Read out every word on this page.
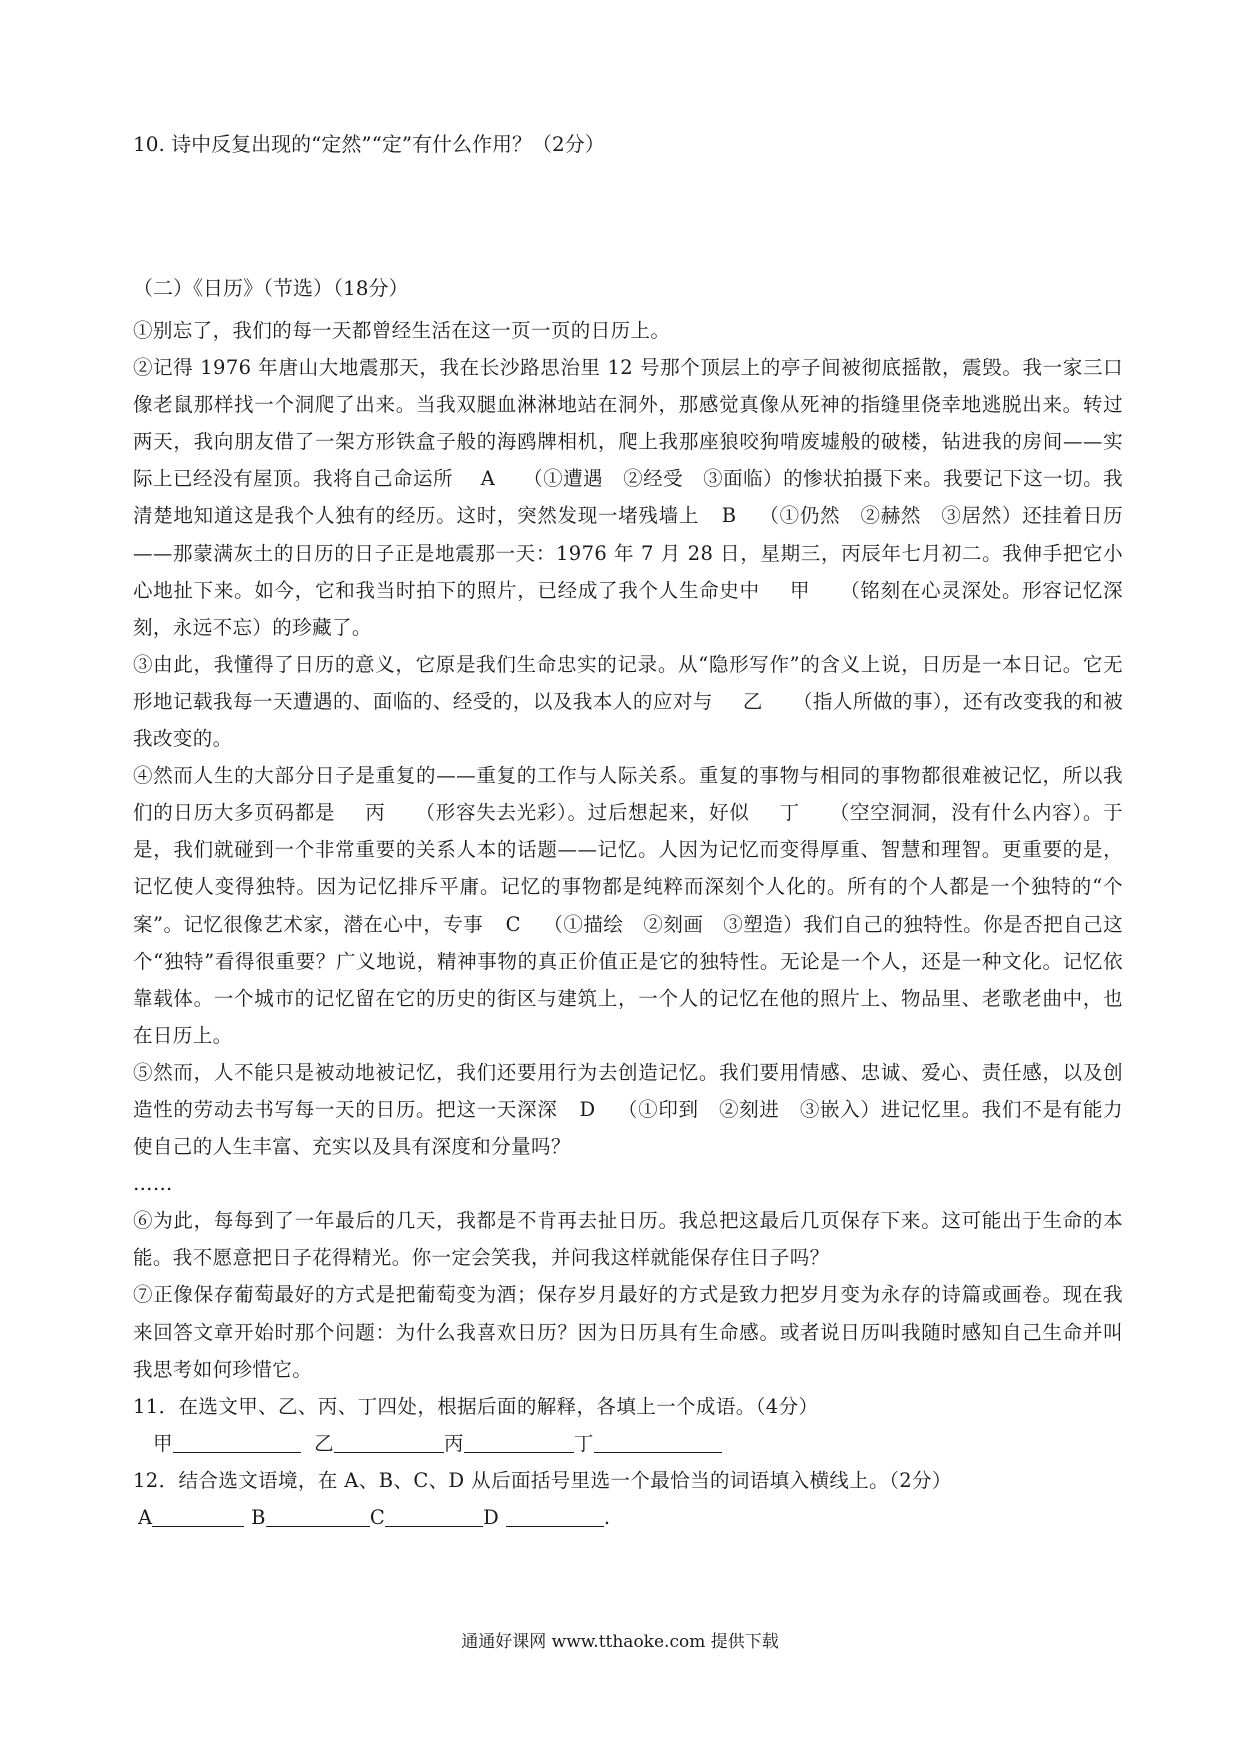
10. 诗中反复出现的“定然”“定”有什么作用？（2分）
（二）《日历》（节选）（18分）

①别忘了，我们的每一天都曾经生活在这一页一页的日历上。

②记得 1976 年唐山大地震那天，我在长沙路思治里 12 号那个顶层上的亭子间被彻底摇散，震毁。我一家三口像老鼠那样找一个洞爬了出来。当我双腿血淋淋地站在洞外，那感觉真像从死神的指缝里侥幸地逃脱出来。转过两天，我向朋友借了一架方形铁盒子般的海鸥牌相机，爬上我那座狼咬狗啃废墟般的破楼，钻进我的房间——实际上已经没有屋顶。我将自己命运所 A （①遭遇　②经受　③面临）的惨状拍摄下来。我要记下这一切。我清楚地知道这是我个人独有的经历。这时，突然发现一堵残墙上 B （①仍然　②赫然　③居然）还挂着日历——那蒙满灰土的日历的日子正是地震那一天：1976 年 7 月 28 日，星期三，丙辰年七月初二。我伸手把它小心地扯下来。如今，它和我当时拍下的照片，已经成了我个人生命史中 甲 （铭刻在心灵深处。形容记忆深刻，永远不忘）的珍藏了。

③由此，我懂得了日历的意义，它原是我们生命忠实的记录。从“隐形写作”的含义上说，日历是一本日记。它无形地记载我每一天遭遇的、面临的、经受的，以及我本人的应对与 乙 （指人所做的事），还有改变我的和被我改变的。

④然而人生的大部分日子是重复的——重复的工作与人际关系。重复的事物与相同的事物都很难被记忆，所以我们的日历大多页码都是 丙 （形容失去光彩）。过后想起来，好似 丁 （空空洞洞，没有什么内容）。于是，我们就碰到一个非常重要的关系人本的话题——记忆。人因为记忆而变得厚重、智慧和理智。更重要的是，记忆使人变得独特。因为记忆排斥平庸。记忆的事物都是纯粹而深刻个人化的。所有的个人都是一个独特的“个案”。记忆很像艺术家，潜在心中，专事 C （①描绘　②刻画　③塑造）我们自己的独特性。你是否把自己这个“独特”看得很重要？广义地说，精神事物的真正价值正是它的独特性。无论是一个人，还是一种文化。记忆依靠载体。一个城市的记忆留在它的历史的街区与建筑上，一个人的记忆在他的照片上、物品里、老歌老曲中，也在日历上。

⑤然而，人不能只是被动地被记忆，我们还要用行为去创造记忆。我们要用情感、忠诚、爱心、责任感，以及创造性的劳动去书写每一天的日历。把这一天深深 D （①印到　②刻进　③嵌入）进记忆里。我们不是有能力使自己的人生丰富、充实以及具有深度和分量吗？

……

⑥为此，每每到了一年最后的几天，我都是不肯再去扯日历。我总把这最后几页保存下来。这可能出于生命的本能。我不愿意把日子花得精光。你一定会笑我，并问我这样就能保存住日子吗？

⑦正像保存葡萄最好的方式是把葡萄变为酒；保存岁月最好的方式是致力把岁月变为永存的诗篇或画卷。现在我来回答文章开始时那个问题：为什么我喜欢日历？因为日历具有生命感。或者说日历叫我随时感知自己生命并叫我思考如何珍惜它。

11．在选文甲、乙、丙、丁四处，根据后面的解释，各填上一个成语。（4分）

甲	乙	丙	丁

12．结合选文语境，在 A、B、C、D 从后面括号里选一个最恰当的词语填入横线上。（2分）

A	B	C	D	.

通通好课网 www.tthaoke.com 提供下载
